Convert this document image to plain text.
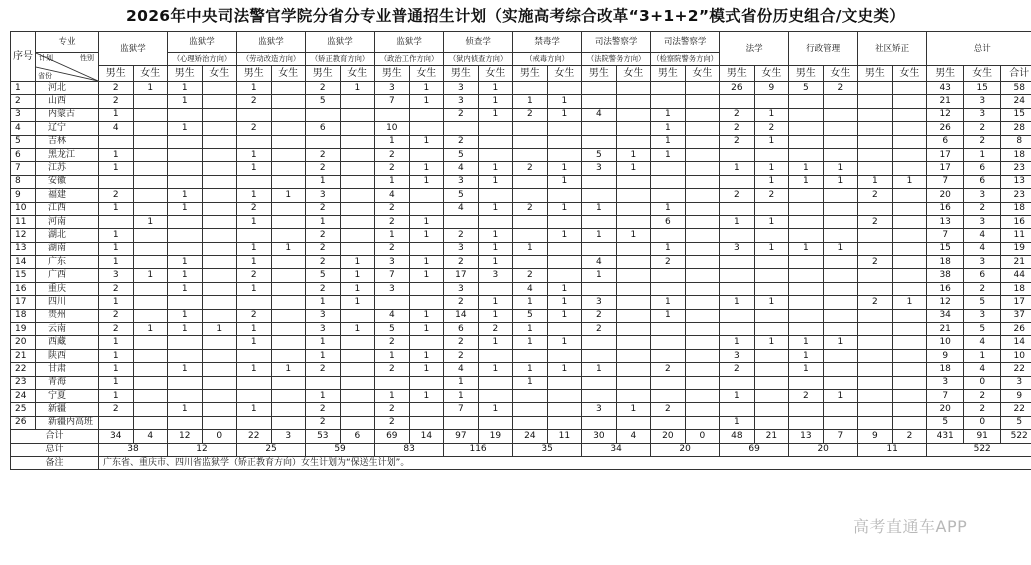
2026年中央司法警官学院分省分专业普通招生计划（实施高考综合改革“3+1+2”模式省份历史组合/文史类）
序号	专业	监狱学		监狱学		监狱学		监狱学		监狱学		侦查学		禁毒学		司法警察学		司法警察学		法学		行政管理		社区矫正		总计		

	计划 性别
省份			（心理矫治方向）		（劳动改造方向）		（矫正教育方向）		（政治工作方向）		（狱内侦查方向）		（戒毒方向）		（法院警务方向）		（检察院警务方向）										
		男生	女生	男生	女生	男生	女生	男生	女生	男生	女生	男生	女生	男生	女生	男生	女生	男生	女生	男生	女生	男生	女生	男生	女生	男生	女生	合计
1	河北	2	1	1		1		2	1	3	1	3	1							26	9	5	2			43	15	58
2	山西	2		1		2		5		7	1	3	1	1	1											21	3	24
3	内蒙古	1										2	1	2	1	4		1		2	1					12	3	15
4	辽宁	4		1		2		6		10								1		2	2					26	2	28
5	吉林									1	1	2						1		2	1					6	2	8
6	黑龙江	1				1		2		2		5				5	1	1								17	1	18
7	江苏	1				1		2		2	1	4	1	2	1	3	1			1	1	1	1			17	6	23
8	安徽							1		1	1	3	1		1						1	1	1	1	1	7	6	13
9	福建	2		1		1	1	3		4		5								2	2			2		20	3	23
10	江西	1		1		2		2		2		4	1	2	1	1		1								16	2	18
11	河南		1			1		1		2	1							6		1	1			2		13	3	16
12	湖北	1						2		1	1	2	1		1	1	1									7	4	11
13	湖南	1				1	1	2		2		3	1	1				1		3	1	1	1			15	4	19
14	广东	1		1		1		2	1	3	1	2	1			4		2						2		18	3	21
15	广西	3	1	1		2		5	1	7	1	17	3	2		1										38	6	44
16	重庆	2		1		1		2	1	3		3		4	1											16	2	18
17	四川	1						1	1			2	1	1	1	3		1		1	1			2	1	12	5	17
18	贵州	2		1		2		3		4	1	14	1	5	1	2		1								34	3	37
19	云南	2	1	1	1	1		3	1	5	1	6	2	1		2										21	5	26
20	西藏	1				1		1		2		2	1	1	1					1	1	1	1			10	4	14
21	陕西	1						1		1	1	2								3		1				9	1	10
22	甘肃	1		1		1	1	2		2	1	4	1	1	1	1		2		2		1				18	4	22
23	青海	1										1		1												3	0	3
24	宁夏	1						1		1	1	1								1		2	1			7	2	9
25	新疆	2		1		1		2		2		7	1			3	1	2								20	2	22
26	新疆内高班							2		2										1						5	0	5
合计		34	4	12	0	22	3	53	6	69	14	97	19	24	11	30	4	20	0	48	21	13	7	9	2	431	91	522
总计		38		12		25		59		83		116		35		34		20		69		20		11		522		
备注		广东省、重庆市、四川省监狱学（矫正教育方向）女生计划为“保送生计划”。																										
高考直通车APP
